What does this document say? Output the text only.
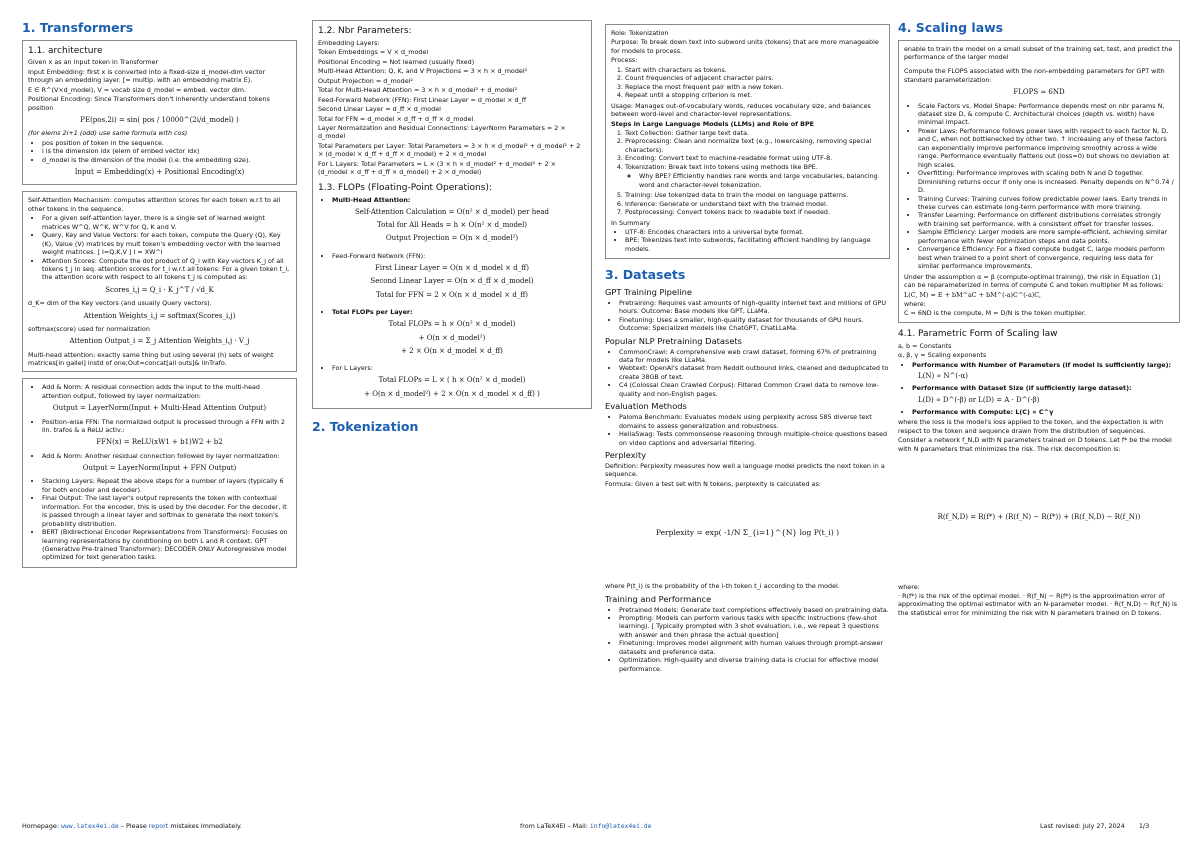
1. Transformers
1.1. architecture

Given x as an input token in Transformer

Input Embedding: first x is converted into a fixed-size d_model-dim vector through an embedding layer. [= multip. with an embedding matrix E).

E ∈ R^(V×d_model), V = vocab size d_model = embed. vector dim.

Positional Encoding: Since Transformers don't inherently understand tokens position

PE(pos,2i) = sin( pos / 10000^(2i/d_model) )

(for elems 2i+1 (odd) use same formula with cos)

• pos position of token in the sequence.
• i is the dimension idx (elem of embed vector idx)
• d_model is the dimension of the model (i.e. the embedding size).
Input = Embedding(x) + Positional Encoding(x)

Self-Attention Mechanism: computes attention scores for each token w.r.t to all other tokens in the sequence.

• For a given self-attention layer, there is a single set of learned weight matrices W^Q, W^K, W^V for Q, K and V.
• Query, Key and Value Vectors: for each token, compute the Query (Q), Key (K), Value (V) matrices by mult token's embedding vector with the learned weight matrices. [ I=Q,K,V ] I = XW^I
• Attention Scores: Compute the dot product of Q_i with Key vectors K_j of all tokens t_j in seq. attention scores for t_i w.r.t all tokens: For a given token t_i, the attention score with respect to all tokens t_j is computed as:
Scores_i,j = Q_i · K_j^T / √d_K

d_K= dim of the Key vectors (and usually Query vectors).

Attention Weights_i,j = softmax(Scores_i,j)

softmax(score) used for normalization

Attention Output_i = Σ_j Attention Weights_i,j · V_j

Multi-head attention: exactly same thing but using several (h) sets of weight matrices[in gallel] instd of one;Out=concat[all outs]& linTrafo.

• Add & Norm: A residual connection adds the input to the multi-head attention output, followed by layer normalization:
Output = LayerNorm(Input + Multi-Head Attention Output)
• Position-wise FFN: The normalized output is processed through a FFN with 2 lin. trafos & a ReLU activ.:
FFN(x) = ReLU(xW1 + b1)W2 + b2
• Add & Norm: Another residual connection followed by layer normalization:
Output = LayerNorm(Input + FFN Output)
• Stacking Layers: Repeat the above steps for a number of layers (typically 6 for both encoder and decoder).
• Final Output: The last layer's output represents the token with contextual information. For the encoder, this is used by the decoder. For the decoder, it is passed through a linear layer and softmax to generate the next token's probability distribution.
• BERT (Bidirectional Encoder Representations from Transformers): Focuses on learning representations by conditioning on both L and R context. GPT (Generative Pre-trained Transformer): DECODER ONLY Autoregressive model optimized for text generation tasks.
1.2. Nbr Parameters:

Embedding Layers:

Token Embeddings = V × d_model

Positional Encoding = Not learned (usually fixed)

Multi-Head Attention: Q, K, and V Projections = 3 × h × d_model²

Output Projection = d_model²

Total for Multi-Head Attention = 3 × h × d_model² + d_model²

Feed-Forward Network (FFN): First Linear Layer = d_model × d_ff

Second Linear Layer = d_ff × d_model

Total for FFN = d_model × d_ff + d_ff × d_model

Layer Normalization and Residual Connections: LayerNorm Parameters = 2 × d_model

Total Parameters per Layer: Total Parameters = 3 × h × d_model² + d_model² + 2 × (d_model × d_ff + d_ff × d_model) + 2 × d_model

For L Layers: Total Parameters = L × (3 × h × d_model² + d_model² + 2 × (d_model × d_ff + d_ff × d_model) + 2 × d_model)

1.3. FLOPs (Floating-Point Operations):
• Multi-Head Attention:
Self-Attention Calculation = O(n² × d_model) per head
Total for All Heads = h × O(n² × d_model)
Output Projection = O(n × d_model²)
• Feed-Forward Network (FFN):
First Linear Layer = O(n × d_model × d_ff)
Second Linear Layer = O(n × d_ff × d_model)
Total for FFN = 2 × O(n × d_model × d_ff)
• Total FLOPs per Layer:
Total FLOPs = h × O(n² × d_model)
+ O(n × d_model²)
+ 2 × O(n × d_model × d_ff)
• For L Layers:
Total FLOPs = L × ( h × O(n² × d_model)
+ O(n × d_model²) + 2 × O(n × d_model × d_ff) )
2. Tokenization

Role: Tokenization

Purpose: To break down text into subword units (tokens) that are more manageable for models to process.

Process:

1. Start with characters as tokens.
2. Count frequencies of adjacent character pairs.
3. Replace the most frequent pair with a new token.
4. Repeat until a stopping criterion is met.

Usage: Manages out-of-vocabulary words, reduces vocabulary size, and balances between word-level and character-level representations.

Steps in Large Language Models (LLMs) and Role of BPE

1. Text Collection: Gather large text data.
2. Preprocessing: Clean and normalize text (e.g., lowercasing, removing special characters).
3. Encoding: Convert text to machine-readable format using UTF-8.
4. Tokenization: Break text into tokens using methods like BPE.
◦ Why BPE? Efficiently handles rare words and large vocabularies, balancing word and character-level tokenization.
5. Training: Use tokenized data to train the model on language patterns.
6. Inference: Generate or understand text with the trained model.
7. Postprocessing: Convert tokens back to readable text if needed.

In Summary

• UTF-8: Encodes characters into a universal byte format.
• BPE: Tokenizes text into subwords, facilitating efficient handling by language models.
3. Datasets
GPT Training Pipeline
• Pretraining: Requires vast amounts of high-quality internet text and millions of GPU hours. Outcome: Base models like GPT, LLaMa.
• Finetuning: Uses a smaller, high-quality dataset for thousands of GPU hours. Outcome: Specialized models like ChatGPT, ChatLLaMa.
Popular NLP Pretraining Datasets
• CommonCrawl: A comprehensive web crawl dataset, forming 67% of pretraining data for models like LLaMa.
• Webtext: OpenAI's dataset from Reddit outbound links, cleaned and deduplicated to create 38GB of text.
• C4 (Colossal Clean Crawled Corpus): Filtered Common Crawl data to remove low-quality and non-English pages.
Evaluation Methods
• Paloma Benchmark: Evaluates models using perplexity across 585 diverse text domains to assess generalization and robustness.
• HellaSwag: Tests commonsense reasoning through multiple-choice questions based on video captions and adversarial filtering.
Perplexity

Definition: Perplexity measures how well a language model predicts the next token in a sequence.

Formula: Given a test set with N tokens, perplexity is calculated as:

Perplexity = exp( -1/N Σ_{i=1}^{N} log P(t_i) )

where P(t_i) is the probability of the i-th token t_i according to the model.

Training and Performance
• Pretrained Models: Generate text completions effectively based on pretraining data.
• Prompting: Models can perform various tasks with specific instructions (few-shot learning). [ Typically prompted with 3 shot evaluation, i.e., we repeat 3 questions with answer and then phrase the actual question]
• Finetuning: Improves model alignment with human values through prompt-answer datasets and preference data.
• Optimization: High-quality and diverse training data is crucial for effective model performance.
4. Scaling laws

enable to train the model on a small subset of the training set, test, and predict the performance of the larger model

Compute the FLOPS associated with the non-embedding parameters for GPT with standard parameterization:

FLOPS ≈ 6ND
• Scale Factors vs. Model Shape: Performance depends most on nbr params N, dataset size D, & compute C. Architectural choices (depth vs. width) have minimal impact.
• Power Laws: Performance follows power laws with respect to each factor N, D, and C, when not bottlenecked by other two. ↑ increasing any of these factors can exponentially improve performance improving smoothly across a wide range. Performance eventually flattens out (loss=0) but shows no deviation at high scales.
• Overfitting: Performance improves with scaling both N and D together. Diminishing returns occur if only one is increased. Penalty depends on N^0.74 / D.
• Training Curves: Training curves follow predictable power laws. Early trends in these curves can estimate long-term performance with more training.
• Transfer Learning: Performance on different distributions correlates strongly with training set performance, with a consistent offset for transfer losses.
• Sample Efficiency: Larger models are more sample-efficient, achieving similar performance with fewer optimization steps and data points.
• Convergence Efficiency: For a fixed compute budget C, large models perform best when trained to a point short of convergence, requiring less data for similar performance improvements.

Under the assumption α = β (compute-optimal training), the risk in Equation (1) can be reparameterized in terms of compute C and token multiplier M as follows:

L(C, M) = E + bM^aC + bM^(-a)C^(-a)C,

where:

C = 6ND is the compute, M = D/N is the token multiplier.

4.1. Parametric Form of Scaling law

a, b = Constants

α, β, γ = Scaling exponents

• Performance with Number of Parameters (if model is sufficiently large):
L(N) ∝ N^(-α)
• Performance with Dataset Size (if sufficiently large dataset):
L(D) ∝ D^(-β) or L(D) = A · D^(-β)
• Performance with Compute: L(C) ∝ C^γ

where the loss is the model's loss applied to the token, and the expectation is with respect to the token and sequence drawn from the distribution of sequences.

Consider a network f_N,D with N parameters trained on D tokens. Let f* be the model with N parameters that minimizes the risk. The risk decomposition is:

R(f_N,D) = R(f*) + (R(f_N) − R(f*)) + (R(f_N,D) − R(f_N))

where:

· R(f*) is the risk of the optimal model. · R(f_N) − R(f*) is the approximation error of approximating the optimal estimator with an N-parameter model. · R(f_N,D) − R(f_N) is the statistical error for minimizing the risk with N parameters trained on D tokens.

Homepage: www.latex4ei.de – Please report mistakes immediately.	from LaTeX4EI – Mail: info@latex4ei.de	Last revised: July 27, 2024 1/3
